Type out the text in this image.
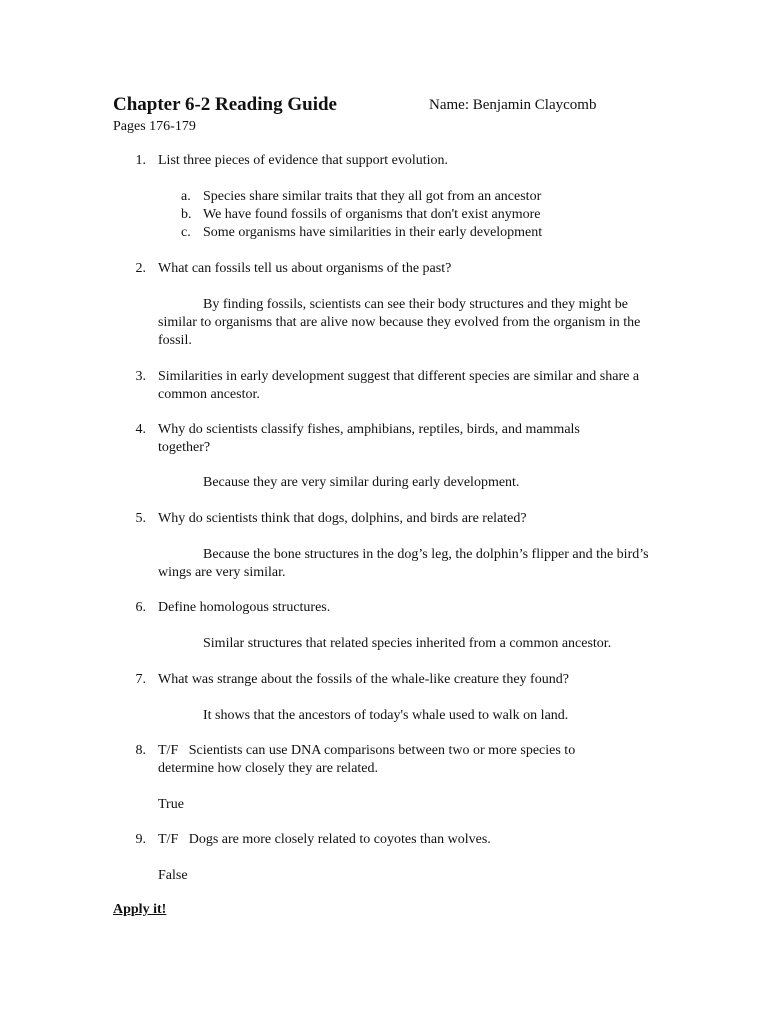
Chapter 6-2 Reading Guide	Name: Benjamin Claycomb
Pages 176-179
1. List three pieces of evidence that support evolution.
a. Species share similar traits that they all got from an ancestor
b. We have found fossils of organisms that don't exist anymore
c. Some organisms have similarities in their early development
2. What can fossils tell us about organisms of the past?
By finding fossils, scientists can see their body structures and they might be similar to organisms that are alive now because they evolved from the organism in the fossil.
3. Similarities in early development suggest that different species are similar and share a common ancestor.
4. Why do scientists classify fishes, amphibians, reptiles, birds, and mammals together?
Because they are very similar during early development.
5. Why do scientists think that dogs, dolphins, and birds are related?
Because the bone structures in the dog’s leg, the dolphin’s flipper and the bird’s wings are very similar.
6. Define homologous structures.
Similar structures that related species inherited from a common ancestor.
7. What was strange about the fossils of the whale-like creature they found?
It shows that the ancestors of today's whale used to walk on land.
8. T/F   Scientists can use DNA comparisons between two or more species to determine how closely they are related.
True
9. T/F   Dogs are more closely related to coyotes than wolves.
False
Apply it!
